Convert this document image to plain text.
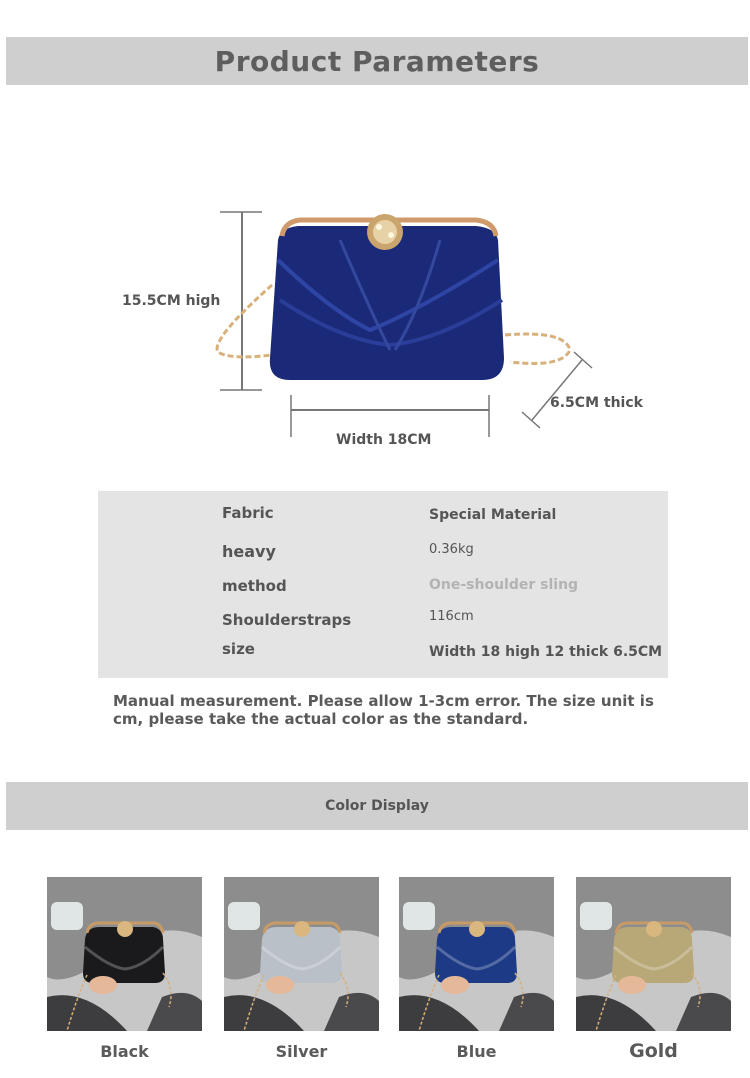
Product Parameters
15.5CM high
Width 18CM
6.5CM thick
Fabric	Special Material
heavy	0.36kg
method	One-shoulder sling
Shoulderstraps	116cm
size	Width 18 high 12 thick 6.5CM
Manual measurement. Please allow 1-3cm error. The size unit is cm, please take the actual color as the standard.
Color Display
Black	Silver	Blue	Gold
